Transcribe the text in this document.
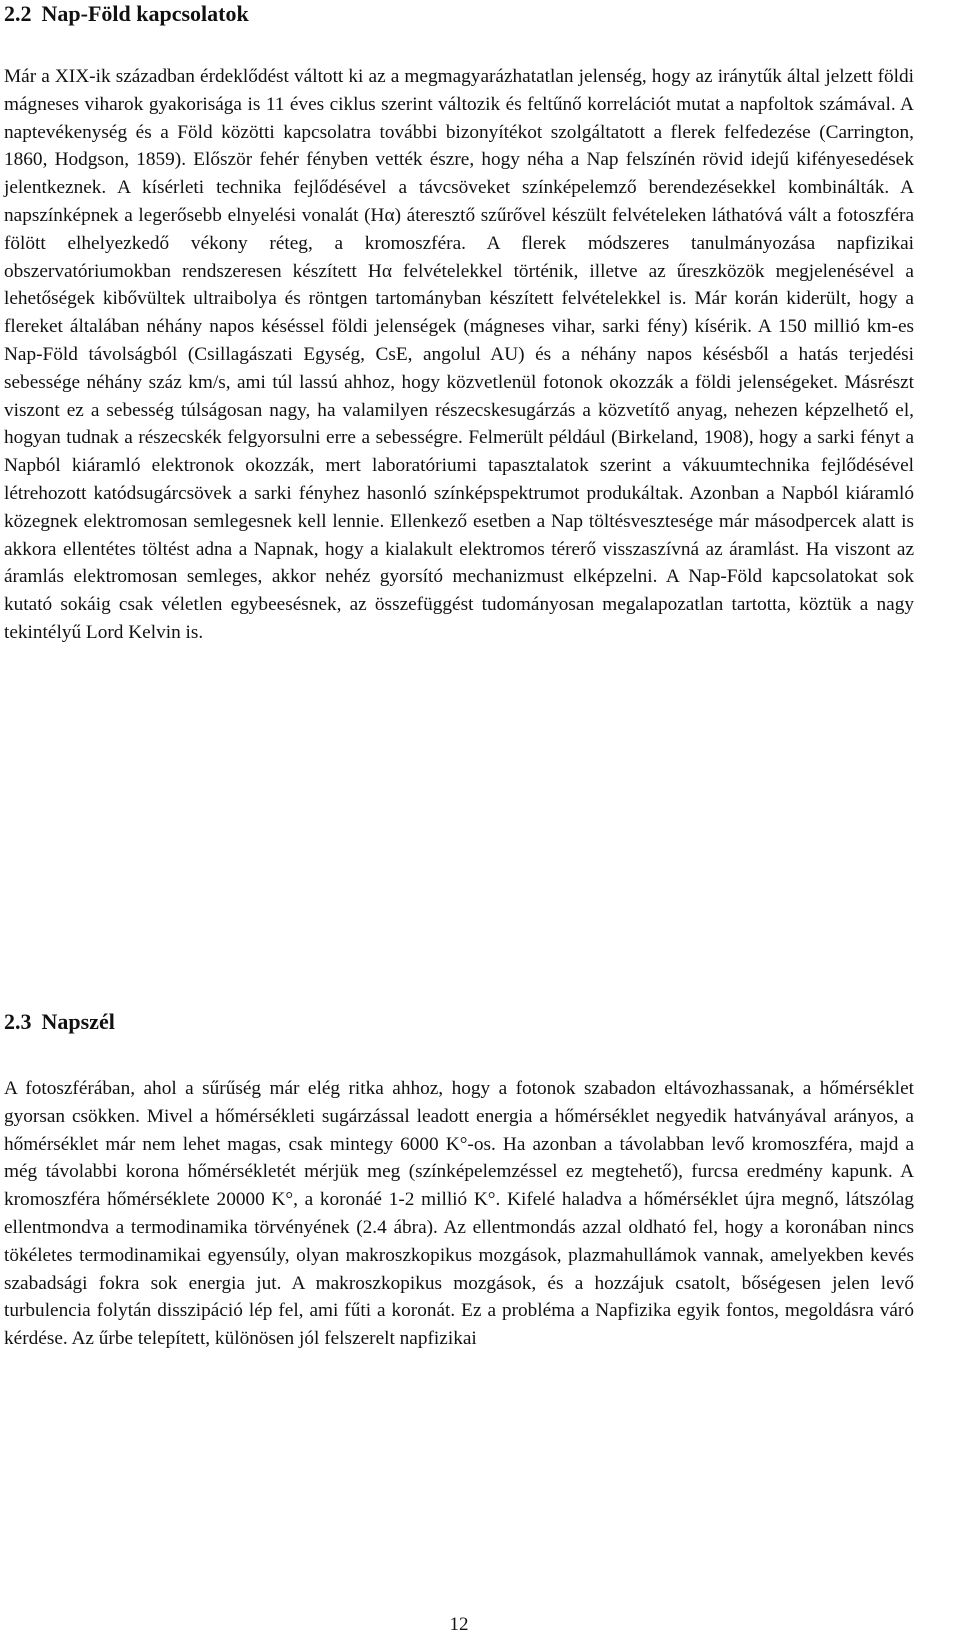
2.2 Nap-Föld kapcsolatok

Már a XIX-ik században érdeklődést váltott ki az a megmagyarázhatatlan jelenség, hogy az iránytűk által jelzett földi mágneses viharok gyakorisága is 11 éves ciklus szerint változik és feltűnő korrelációt mutat a napfoltok számával. A naptevékenység és a Föld közötti kapcsolatra további bizonyítékot szolgáltatott a flerek felfedezése (Carrington, 1860, Hodgson, 1859). Először fehér fényben vették észre, hogy néha a Nap felszínén rövid idejű kifényesedések jelentkeznek. A kísérleti technika fejlődésével a távcsöveket színképelemző berendezésekkel kombinálták. A napszínképnek a legerősebb elnyelési vonalát (Hα) áteresztő szűrővel készült felvételeken láthatóvá vált a fotoszféra fölött elhelyezkedő vékony réteg, a kromoszféra. A flerek módszeres tanulmányozása napfizikai obszervatóriumokban rendszeresen készített Hα felvételekkel történik, illetve az űreszközök megjelenésével a lehetőségek kibővültek ultraibolya és röntgen tartományban készített felvételekkel is. Már korán kiderült, hogy a flereket általában néhány napos késéssel földi jelenségek (mágneses vihar, sarki fény) kísérik. A 150 millió km-es Nap-Föld távolságból (Csillagászati Egység, CsE, angolul AU) és a néhány napos késésből a hatás terjedési sebessége néhány száz km/s, ami túl lassú ahhoz, hogy közvetlenül fotonok okozzák a földi jelenségeket. Másrészt viszont ez a sebesség túlságosan nagy, ha valamilyen részecskesugárzás a közvetítő anyag, nehezen képzelhető el, hogyan tudnak a részecskék felgyorsulni erre a sebességre. Felmerült például (Birkeland, 1908), hogy a sarki fényt a Napból kiáramló elektronok okozzák, mert laboratóriumi tapasztalatok szerint a vákuumtechnika fejlődésével létrehozott katódsugárcsövek a sarki fényhez hasonló színképspektrumot produkáltak. Azonban a Napból kiáramló közegnek elektromosan semlegesnek kell lennie. Ellenkező esetben a Nap töltésvesztesége már másodpercek alatt is akkora ellentétes töltést adna a Napnak, hogy a kialakult elektromos térerő visszaszívná az áramlást. Ha viszont az áramlás elektromosan semleges, akkor nehéz gyorsító mechanizmust elképzelni. A Nap-Föld kapcsolatokat sok kutató sokáig csak véletlen egybeesésnek, az összefüggést tudományosan megalapozatlan tartotta, köztük a nagy tekintélyű Lord Kelvin is.

2.3 Napszél

A fotoszférában, ahol a sűrűség már elég ritka ahhoz, hogy a fotonok szabadon eltávozhassanak, a hőmérséklet gyorsan csökken. Mivel a hőmérsékleti sugárzással leadott energia a hőmérséklet negyedik hatványával arányos, a hőmérséklet már nem lehet magas, csak mintegy 6000 K°-os. Ha azonban a távolabban levő kromoszféra, majd a még távolabbi korona hőmérsékletét mérjük meg (színképelemzéssel ez megtehető), furcsa eredmény kapunk. A kromoszféra hőmérséklete 20000 K°, a koronáé 1-2 millió K°. Kifelé haladva a hőmérséklet újra megnő, látszólag ellentmondva a termodinamika törvényének (2.4 ábra). Az ellentmondás azzal oldható fel, hogy a koronában nincs tökéletes termodinamikai egyensúly, olyan makroszkopikus mozgások, plazmahullámok vannak, amelyekben kevés szabadsági fokra sok energia jut. A makroszkopikus mozgások, és a hozzájuk csatolt, bőségesen jelen levő turbulencia folytán disszipáció lép fel, ami fűti a koronát. Ez a probléma a Napfizika egyik fontos, megoldásra váró kérdése. Az űrbe telepített, különösen jól felszerelt napfizikai

12
